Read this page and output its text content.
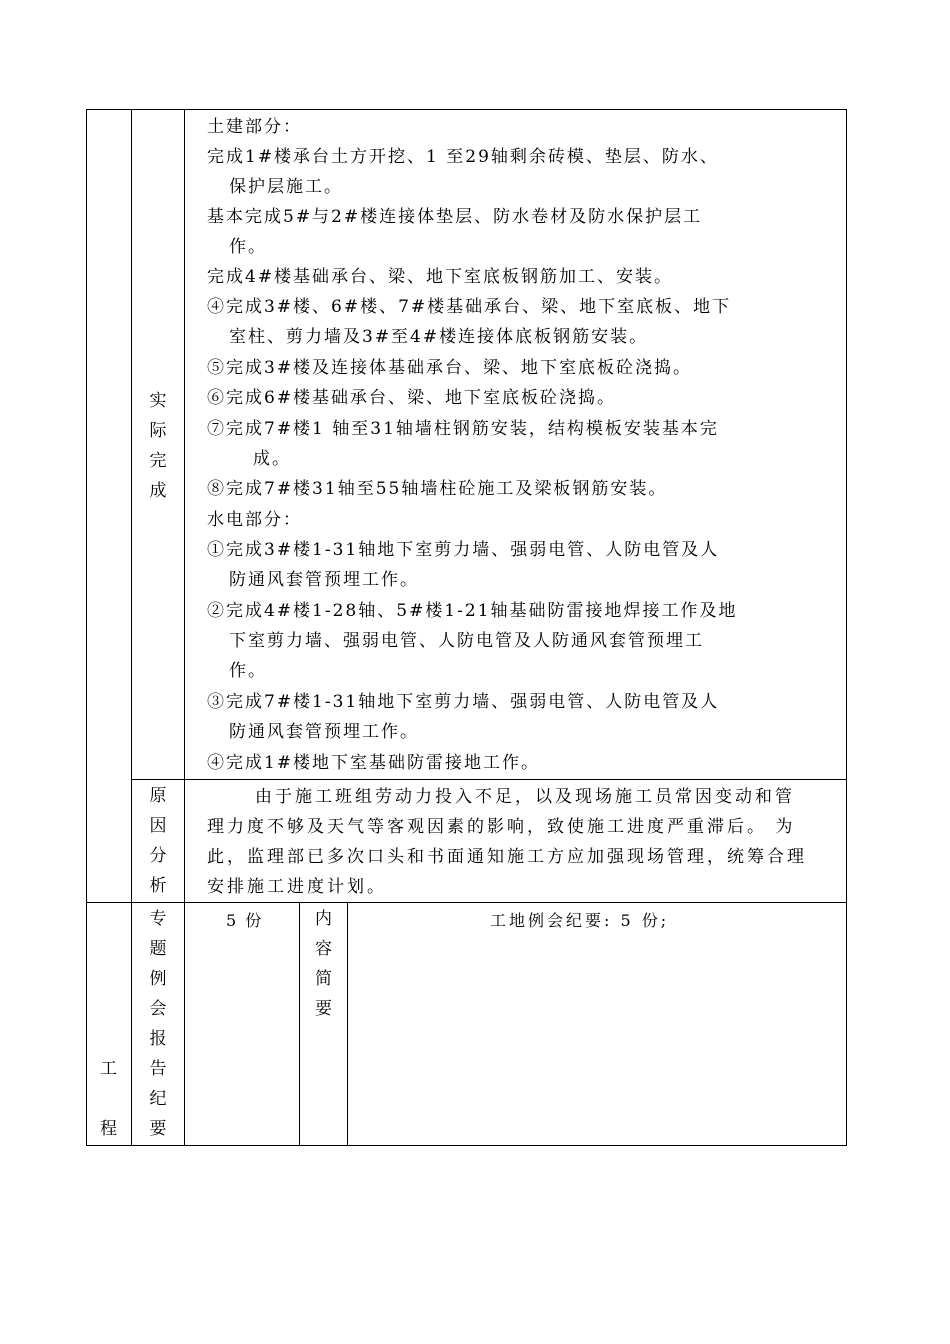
实
际
完
成
土建部分：
完成1#楼承台土方开挖、1 至29轴剩余砖模、垫层、防水、
保护层施工。
基本完成5#与2#楼连接体垫层、防水卷材及防水保护层工
作。
完成4#楼基础承台、梁、地下室底板钢筋加工、安装。
④完成3#楼、6#楼、7#楼基础承台、梁、地下室底板、地下
室柱、剪力墙及3#至4#楼连接体底板钢筋安装。
⑤完成3#楼及连接体基础承台、梁、地下室底板砼浇捣。
⑥完成6#楼基础承台、梁、地下室底板砼浇捣。
⑦完成7#楼1 轴至31轴墙柱钢筋安装，结构模板安装基本完
成。
⑧完成7#楼31轴至55轴墙柱砼施工及梁板钢筋安装。
水电部分：
①完成3#楼1-31轴地下室剪力墙、强弱电管、人防电管及人
防通风套管预埋工作。
②完成4#楼1-28轴、5#楼1-21轴基础防雷接地焊接工作及地
下室剪力墙、强弱电管、人防电管及人防通风套管预埋工
作。
③完成7#楼1-31轴地下室剪力墙、强弱电管、人防电管及人
防通风套管预埋工作。
④完成1#楼地下室基础防雷接地工作。
原
因
分
析
由于施工班组劳动力投入不足，以及现场施工员常因变动和管理力度不够及天气等客观因素的影响，致使施工进度严重滞后。 为此，监理部已多次口头和书面通知施工方应加强现场管理，统筹合理安排施工进度计划。
工
程
专
题
例
会
报
告
纪
要
5 份	内
容
简
要
工地例会纪要: 5 份;
